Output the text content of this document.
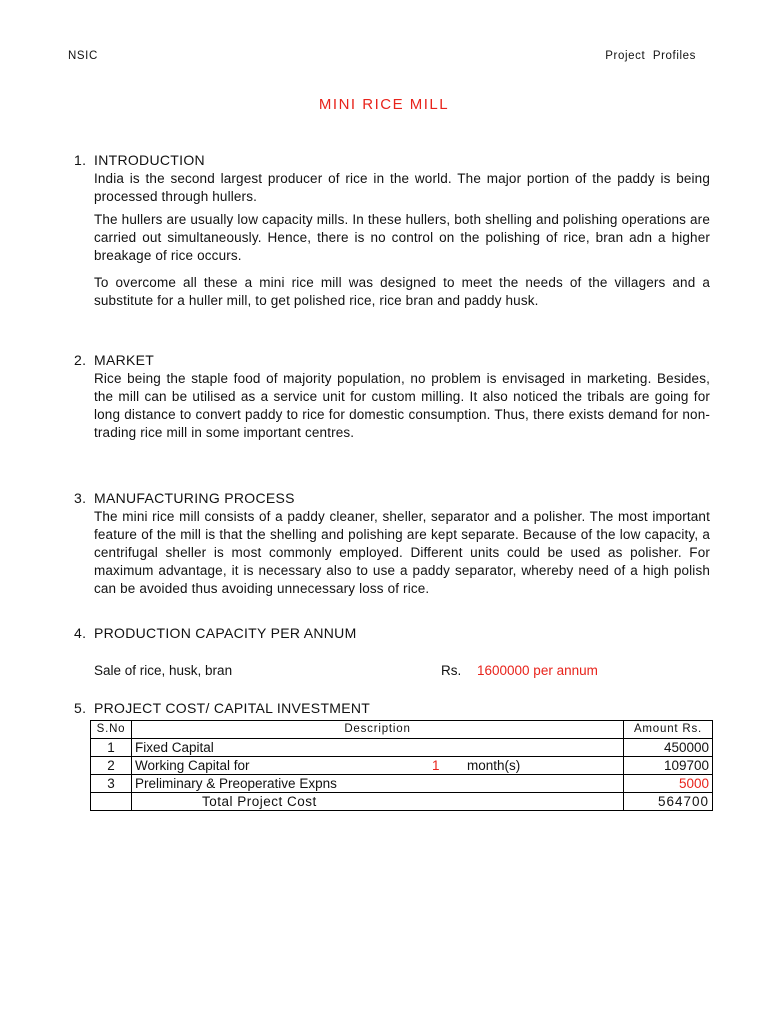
NSIC	Project  Profiles
MINI RICE MILL
1. INTRODUCTION

India is the second largest producer of rice in the world. The major portion of the paddy is being processed through hullers.

The hullers are usually low capacity mills. In these hullers, both shelling and polishing operations are carried out simultaneously. Hence, there is no control on the polishing of rice, bran adn a higher breakage of rice occurs.

To overcome all these a mini rice mill was designed to meet the needs of the villagers and a substitute for a huller mill, to get polished rice, rice bran and paddy husk.

2. MARKET

Rice being the staple food of majority population, no problem is envisaged in marketing. Besides, the mill can be utilised as a service unit for custom milling. It also noticed the tribals are going for long distance to convert paddy to rice for domestic consumption. Thus, there exists demand for non-trading rice mill in some important centres.

3. MANUFACTURING PROCESS

The mini rice mill consists of a paddy cleaner, sheller, separator and a polisher. The most important feature of the mill is that the shelling and polishing are kept separate. Because of the low capacity, a centrifugal sheller is most commonly employed. Different units could be used as polisher. For maximum advantage, it is necessary also to use a paddy separator, whereby need of a high polish can be avoided thus avoiding unnecessary loss of rice.

4. PRODUCTION CAPACITY PER ANNUM
Sale of rice, husk, bran	Rs. 1600000 per annum
5. PROJECT COST/ CAPITAL INVESTMENT
S.No	Description	Amount Rs.
1	Fixed Capital	450000
2	Working Capital for 1 month(s)	109700
3	Preliminary & Preoperative Expns	5000
	Total Project Cost	564700
